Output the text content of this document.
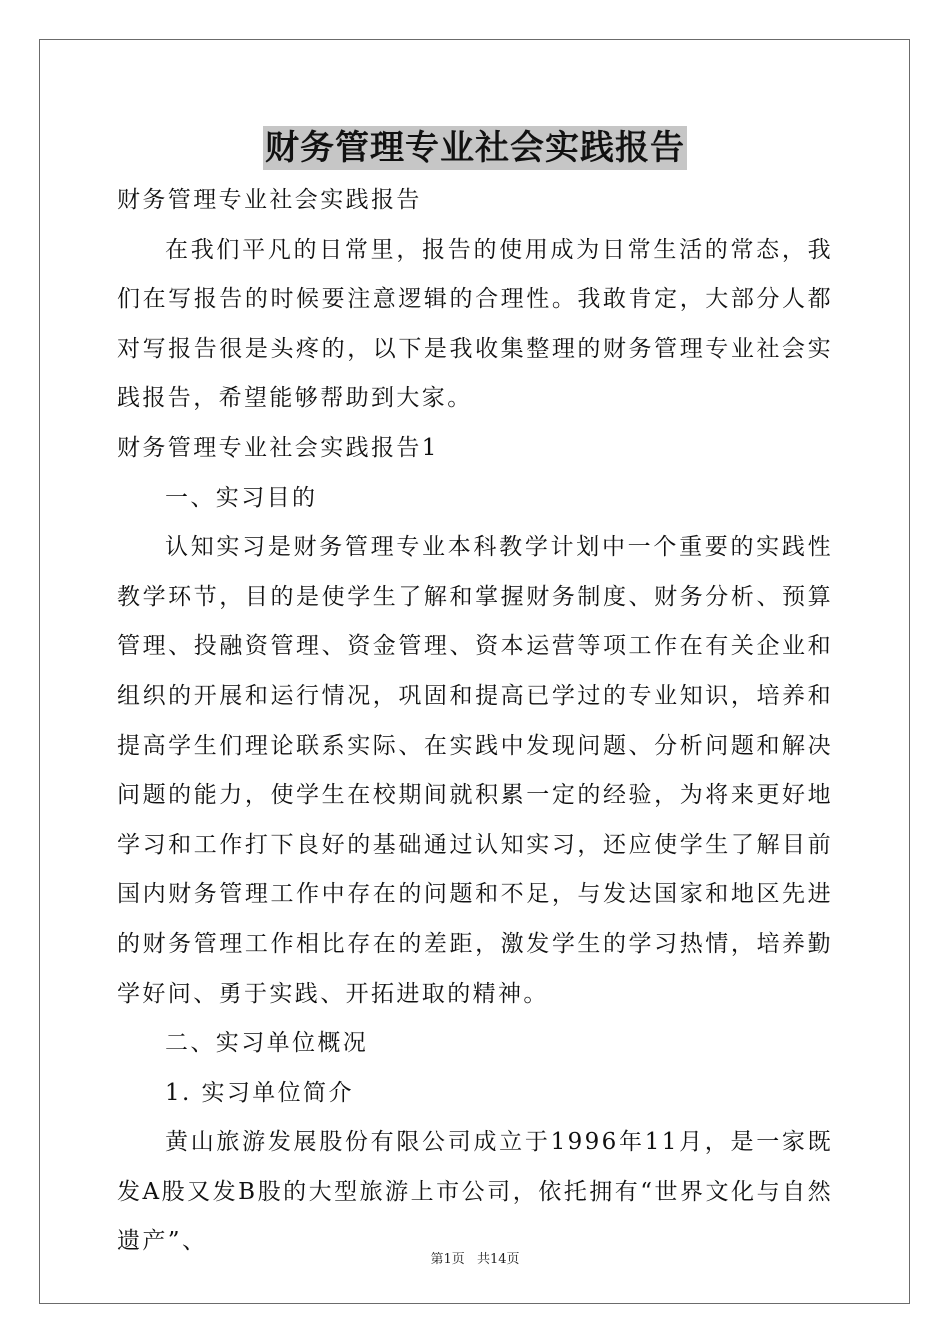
财务管理专业社会实践报告

财务管理专业社会实践报告

在我们平凡的日常里，报告的使用成为日常生活的常态，我们在写报告的时候要注意逻辑的合理性。我敢肯定，大部分人都对写报告很是头疼的，以下是我收集整理的财务管理专业社会实践报告，希望能够帮助到大家。

财务管理专业社会实践报告1

一、实习目的

认知实习是财务管理专业本科教学计划中一个重要的实践性教学环节，目的是使学生了解和掌握财务制度、财务分析、预算管理、投融资管理、资金管理、资本运营等项工作在有关企业和组织的开展和运行情况，巩固和提高已学过的专业知识，培养和提高学生们理论联系实际、在实践中发现问题、分析问题和解决问题的能力，使学生在校期间就积累一定的经验，为将来更好地学习和工作打下良好的基础通过认知实习，还应使学生了解目前国内财务管理工作中存在的问题和不足，与发达国家和地区先进的财务管理工作相比存在的差距，激发学生的学习热情，培养勤学好问、勇于实践、开拓进取的精神。

二、实习单位概况

1. 实习单位简介

黄山旅游发展股份有限公司成立于1996年11月，是一家既发A股又发B股的大型旅游上市公司，依托拥有“世界文化与自然遗产”、

第1页 共14页
